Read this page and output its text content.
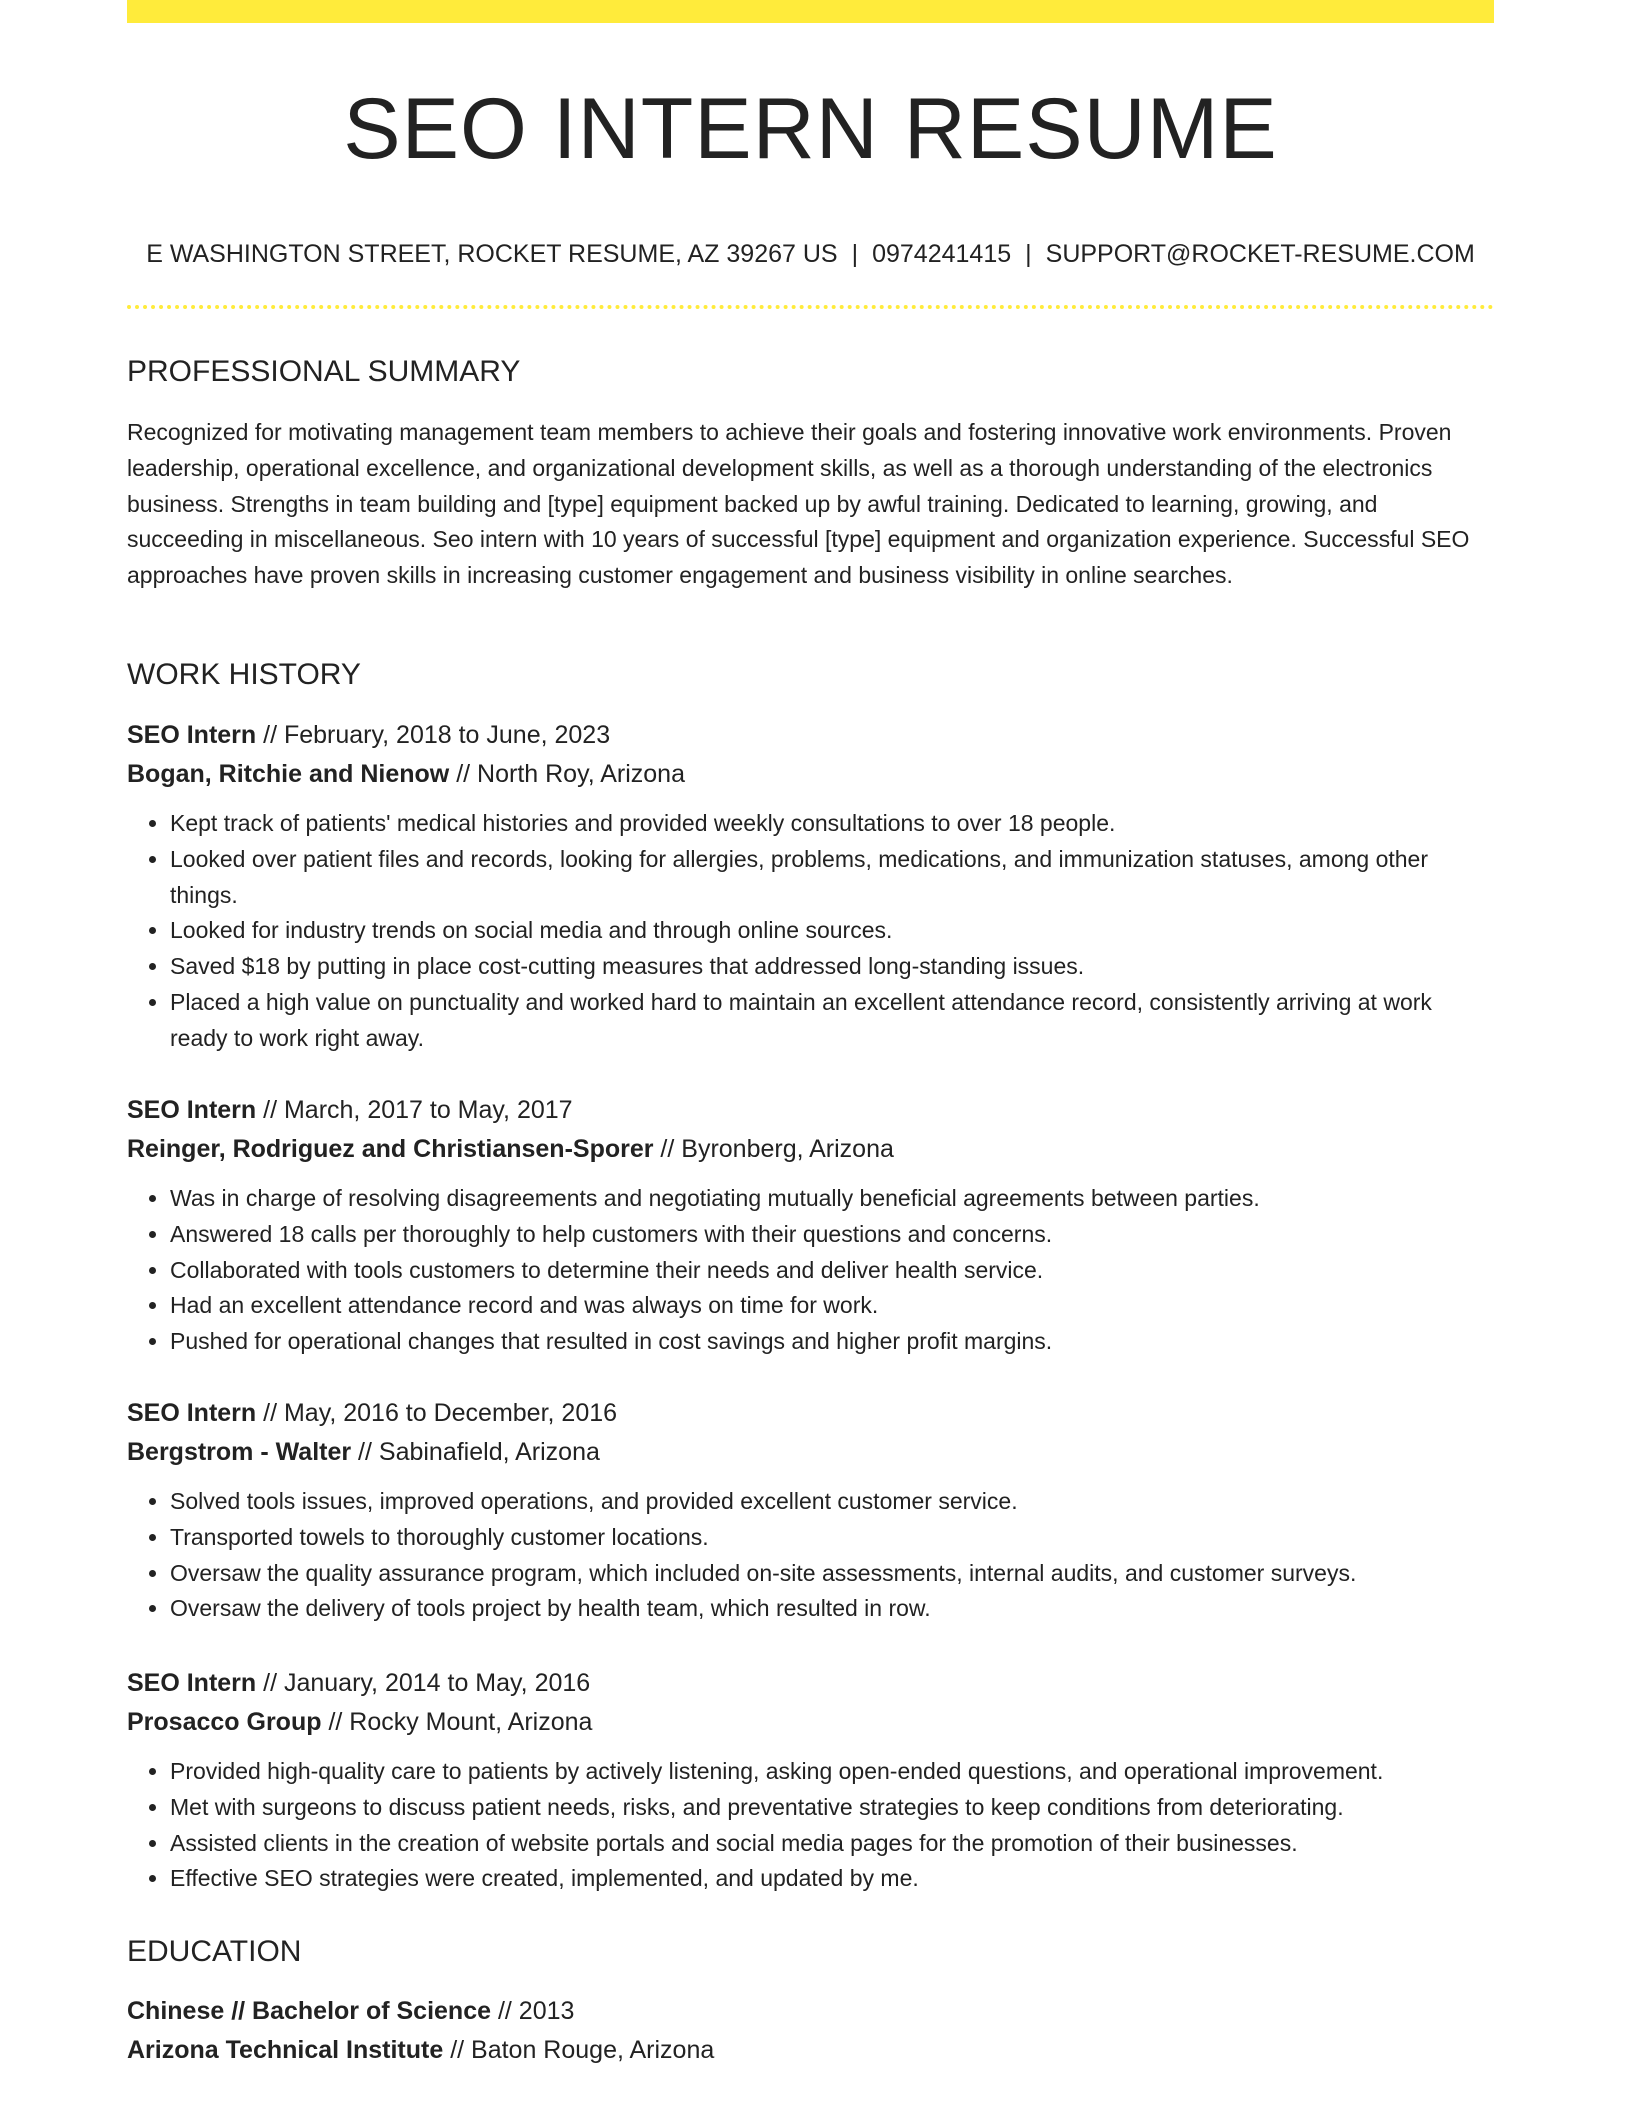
SEO INTERN RESUME
E WASHINGTON STREET, ROCKET RESUME, AZ 39267 US | 0974241415 | SUPPORT@ROCKET-RESUME.COM
PROFESSIONAL SUMMARY

Recognized for motivating management team members to achieve their goals and fostering innovative work environments. Proven leadership, operational excellence, and organizational development skills, as well as a thorough understanding of the electronics business. Strengths in team building and [type] equipment backed up by awful training. Dedicated to learning, growing, and succeeding in miscellaneous. Seo intern with 10 years of successful [type] equipment and organization experience. Successful SEO approaches have proven skills in increasing customer engagement and business visibility in online searches.

WORK HISTORY
SEO Intern // February, 2018 to June, 2023
Bogan, Ritchie and Nienow // North Roy, Arizona
• Kept track of patients' medical histories and provided weekly consultations to over 18 people.
• Looked over patient files and records, looking for allergies, problems, medications, and immunization statuses, among other things.
• Looked for industry trends on social media and through online sources.
• Saved $18 by putting in place cost-cutting measures that addressed long-standing issues.
• Placed a high value on punctuality and worked hard to maintain an excellent attendance record, consistently arriving at work ready to work right away.
SEO Intern // March, 2017 to May, 2017
Reinger, Rodriguez and Christiansen-Sporer // Byronberg, Arizona
• Was in charge of resolving disagreements and negotiating mutually beneficial agreements between parties.
• Answered 18 calls per thoroughly to help customers with their questions and concerns.
• Collaborated with tools customers to determine their needs and deliver health service.
• Had an excellent attendance record and was always on time for work.
• Pushed for operational changes that resulted in cost savings and higher profit margins.
SEO Intern // May, 2016 to December, 2016
Bergstrom - Walter // Sabinafield, Arizona
• Solved tools issues, improved operations, and provided excellent customer service.
• Transported towels to thoroughly customer locations.
• Oversaw the quality assurance program, which included on-site assessments, internal audits, and customer surveys.
• Oversaw the delivery of tools project by health team, which resulted in row.
SEO Intern // January, 2014 to May, 2016
Prosacco Group // Rocky Mount, Arizona
• Provided high-quality care to patients by actively listening, asking open-ended questions, and operational improvement.
• Met with surgeons to discuss patient needs, risks, and preventative strategies to keep conditions from deteriorating.
• Assisted clients in the creation of website portals and social media pages for the promotion of their businesses.
• Effective SEO strategies were created, implemented, and updated by me.
EDUCATION
Chinese // Bachelor of Science // 2013
Arizona Technical Institute // Baton Rouge, Arizona
